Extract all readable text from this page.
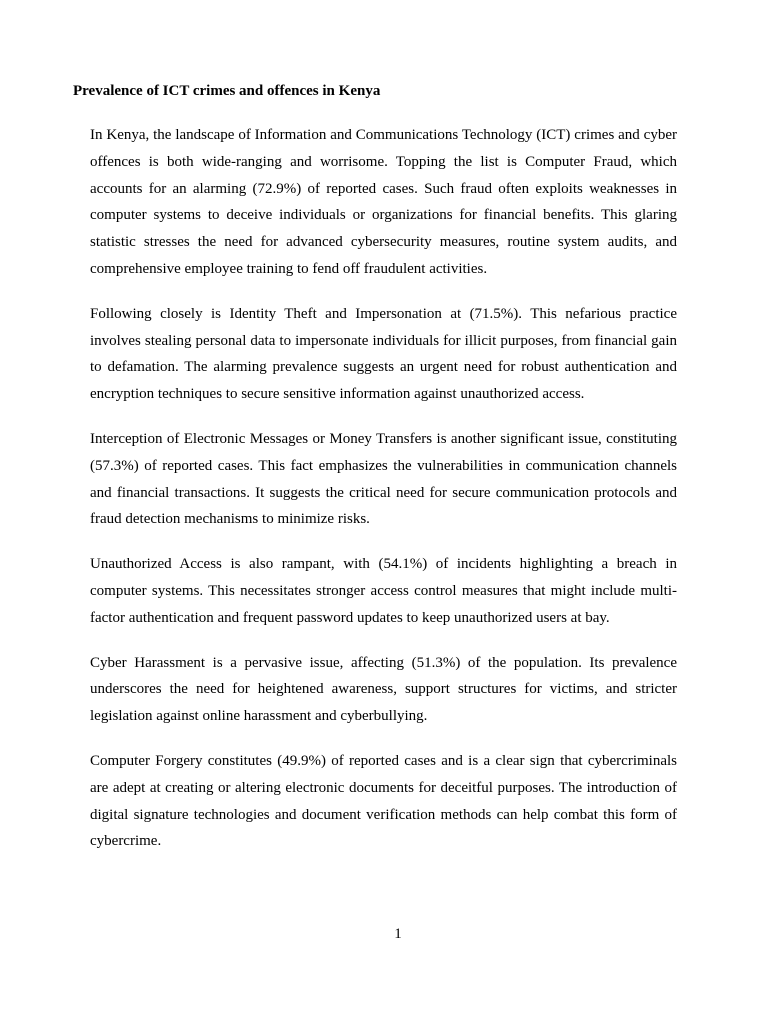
Prevalence of ICT crimes and offences in Kenya

In Kenya, the landscape of Information and Communications Technology (ICT) crimes and cyber offences is both wide-ranging and worrisome. Topping the list is Computer Fraud, which accounts for an alarming (72.9%) of reported cases. Such fraud often exploits weaknesses in computer systems to deceive individuals or organizations for financial benefits. This glaring statistic stresses the need for advanced cybersecurity measures, routine system audits, and comprehensive employee training to fend off fraudulent activities.

Following closely is Identity Theft and Impersonation at (71.5%). This nefarious practice involves stealing personal data to impersonate individuals for illicit purposes, from financial gain to defamation. The alarming prevalence suggests an urgent need for robust authentication and encryption techniques to secure sensitive information against unauthorized access.

Interception of Electronic Messages or Money Transfers is another significant issue, constituting (57.3%) of reported cases. This fact emphasizes the vulnerabilities in communication channels and financial transactions. It suggests the critical need for secure communication protocols and fraud detection mechanisms to minimize risks.

Unauthorized Access is also rampant, with (54.1%) of incidents highlighting a breach in computer systems. This necessitates stronger access control measures that might include multi-factor authentication and frequent password updates to keep unauthorized users at bay.

Cyber Harassment is a pervasive issue, affecting (51.3%) of the population. Its prevalence underscores the need for heightened awareness, support structures for victims, and stricter legislation against online harassment and cyberbullying.

Computer Forgery constitutes (49.9%) of reported cases and is a clear sign that cybercriminals are adept at creating or altering electronic documents for deceitful purposes. The introduction of digital signature technologies and document verification methods can help combat this form of cybercrime.

1
